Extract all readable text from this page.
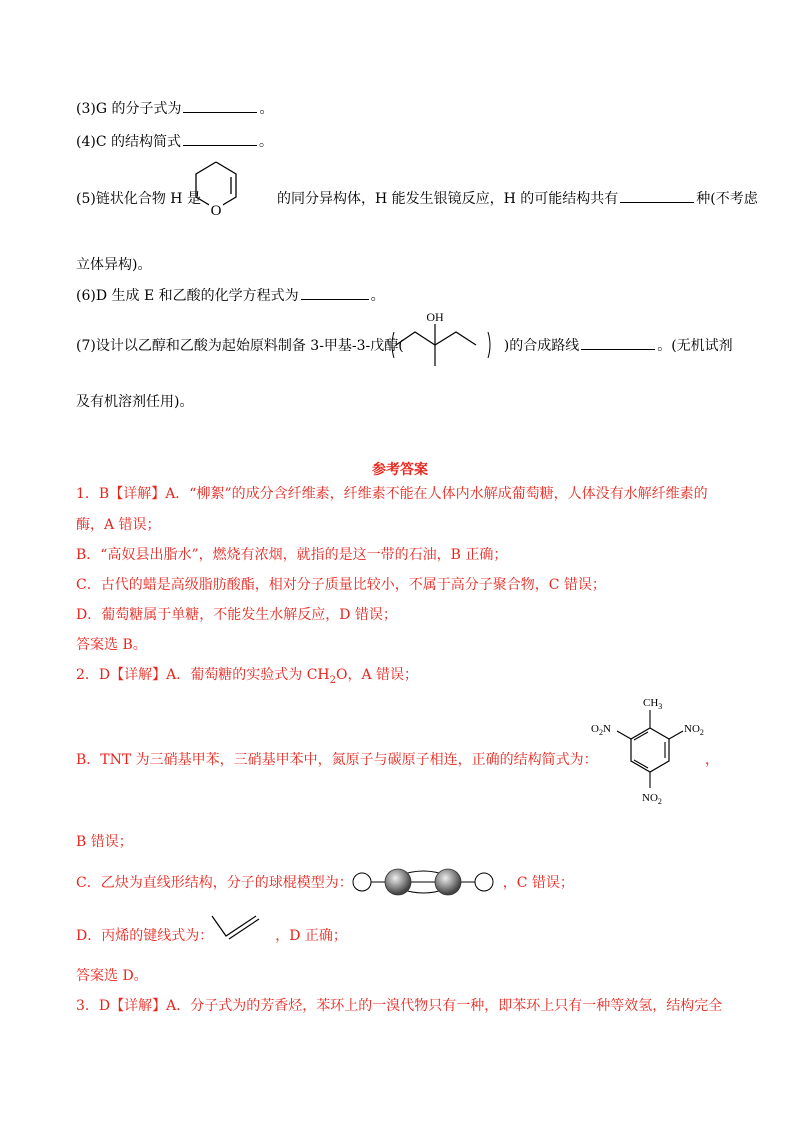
(3)G 的分子式为	。
(4)C 的结构简式	。
(5)链状化合物 H 是	的同分异构体，H 能发生银镜反应，H 的可能结构共有	种(不考虑
O
立体异构)。
(6)D 生成 E 和乙酸的化学方程式为	。
(7)设计以乙醇和乙酸为起始原料制备 3-甲基-3-戊醇(	)的合成路线	。(无机试剂
OH
及有机溶剂任用)。
参考答案
1．B【详解】A．“柳絮”的成分含纤维素，纤维素不能在人体内水解成葡萄糖，人体没有水解纤维素的
酶，A 错误；
B．“高奴县出脂水”，燃烧有浓烟，就指的是这一带的石油，B 正确；
C．古代的蜡是高级脂肪酸酯，相对分子质量比较小，不属于高分子聚合物，C 错误；
D．葡萄糖属于单糖，不能发生水解反应，D 错误；
答案选 B。
2．D【详解】A．葡萄糖的实验式为 $CH_2O$，A 错误；
B．TNT 为三硝基甲苯，三硝基甲苯中，氮原子与碳原子相连，正确的结构简式为：	，
$CH_3$
$NO_2$
$O_2N$
$NO_2$
B 错误；
C．乙炔为直线形结构，分子的球棍模型为：	，C 错误；
D．丙烯的键线式为：	，D 正确；
答案选 D。
3．D【详解】A．分子式为的芳香烃，苯环上的一溴代物只有一种，即苯环上只有一种等效氢，结构完全
